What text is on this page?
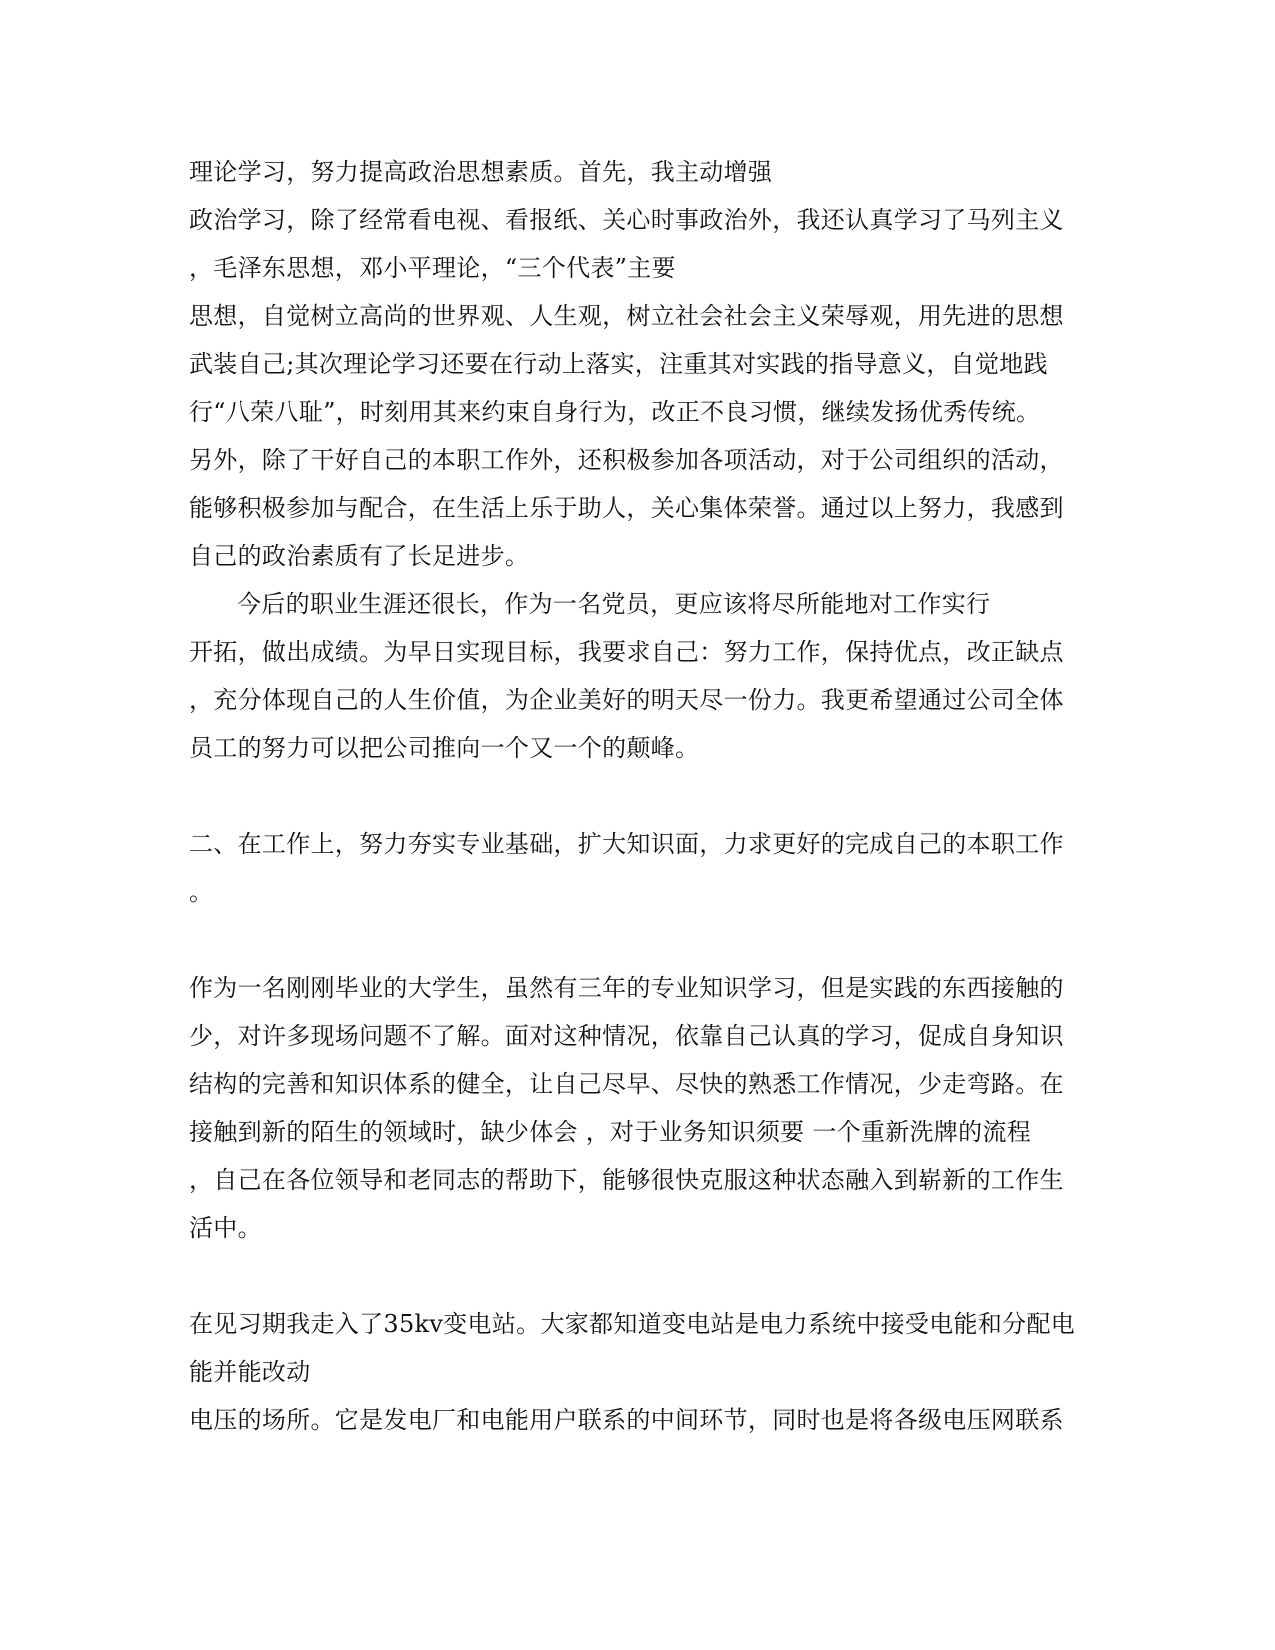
理论学习，努力提高政治思想素质。首先，我主动增强
政治学习，除了经常看电视、看报纸、关心时事政治外，我还认真学习了马列主义
，毛泽东思想，邓小平理论，“三个代表”主要
思想，自觉树立高尚的世界观、人生观，树立社会社会主义荣辱观，用先进的思想
武装自己;其次理论学习还要在行动上落实，注重其对实践的指导意义，自觉地践
行“八荣八耻”，时刻用其来约束自身行为，改正不良习惯，继续发扬优秀传统。
另外，除了干好自己的本职工作外，还积极参加各项活动，对于公司组织的活动，
能够积极参加与配合，在生活上乐于助人，关心集体荣誉。通过以上努力，我感到
自己的政治素质有了长足进步。
今后的职业生涯还很长，作为一名党员，更应该将尽所能地对工作实行
开拓，做出成绩。为早日实现目标，我要求自己：努力工作，保持优点，改正缺点
，充分体现自己的人生价值，为企业美好的明天尽一份力。我更希望通过公司全体
员工的努力可以把公司推向一个又一个的颠峰。
二、在工作上，努力夯实专业基础，扩大知识面，力求更好的完成自己的本职工作
。
作为一名刚刚毕业的大学生，虽然有三年的专业知识学习，但是实践的东西接触的
少，对许多现场问题不了解。面对这种情况，依靠自己认真的学习，促成自身知识
结构的完善和知识体系的健全，让自己尽早、尽快的熟悉工作情况，少走弯路。在
接触到新的陌生的领域时，缺少体会 ，对于业务知识须要 一个重新洗牌的流程
，自己在各位领导和老同志的帮助下，能够很快克服这种状态融入到崭新的工作生
活中。
在见习期我走入了35kv变电站。大家都知道变电站是电力系统中接受电能和分配电
能并能改动
电压的场所。它是发电厂和电能用户联系的中间环节，同时也是将各级电压网联系
